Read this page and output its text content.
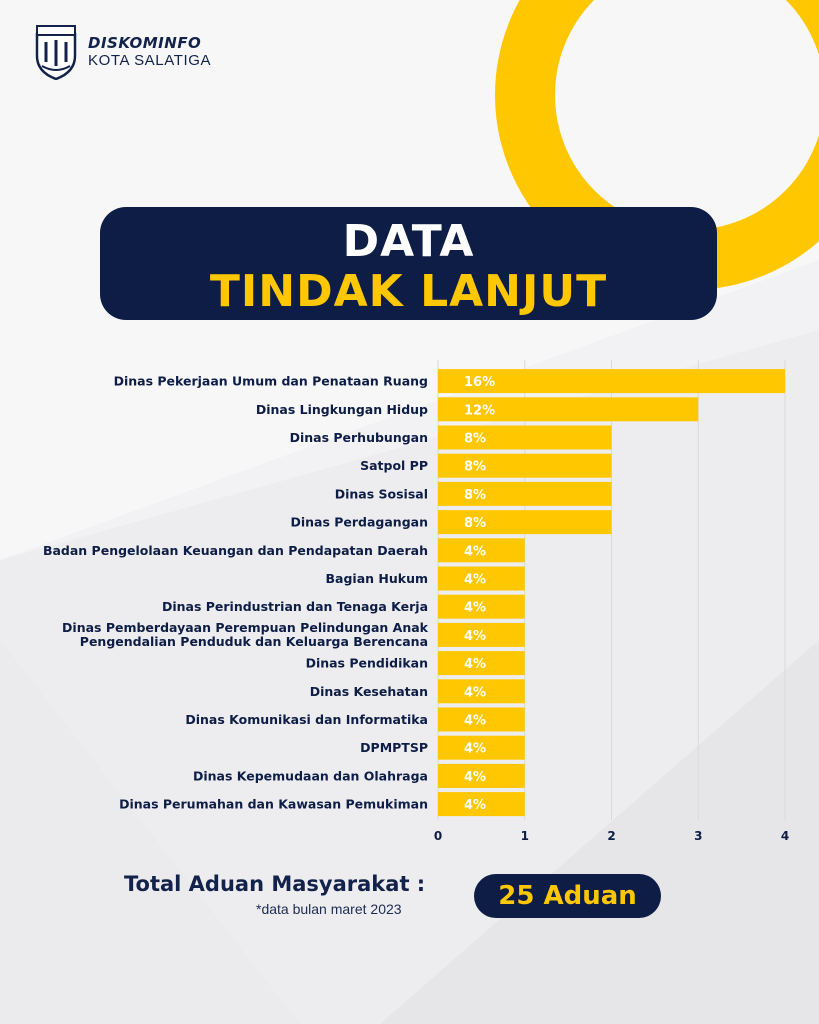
DISKOMINFO
KOTA SALATIGA
DATA
TINDAK LANJUT
0	1	2	3	4
16%
Dinas Pekerjaan Umum dan Penataan Ruang
12%
Dinas Lingkungan Hidup
8%
Dinas Perhubungan
8%
Satpol PP
8%
Dinas Sosisal
8%
Dinas Perdagangan
4%
Badan Pengelolaan Keuangan dan Pendapatan Daerah
4%
Bagian Hukum
4%
Dinas Perindustrian dan Tenaga Kerja
4%
Dinas Pemberdayaan Perempuan Pelindungan Anak Pengendalian Penduduk dan Keluarga Berencana
4%
Dinas Pendidikan
4%
Dinas Kesehatan
4%
Dinas Komunikasi dan Informatika
4%
DPMPTSP
4%
Dinas Kepemudaan dan Olahraga
4%
Dinas Perumahan dan Kawasan Pemukiman
Total Aduan Masyarakat :
*data bulan maret 2023	25 Aduan
